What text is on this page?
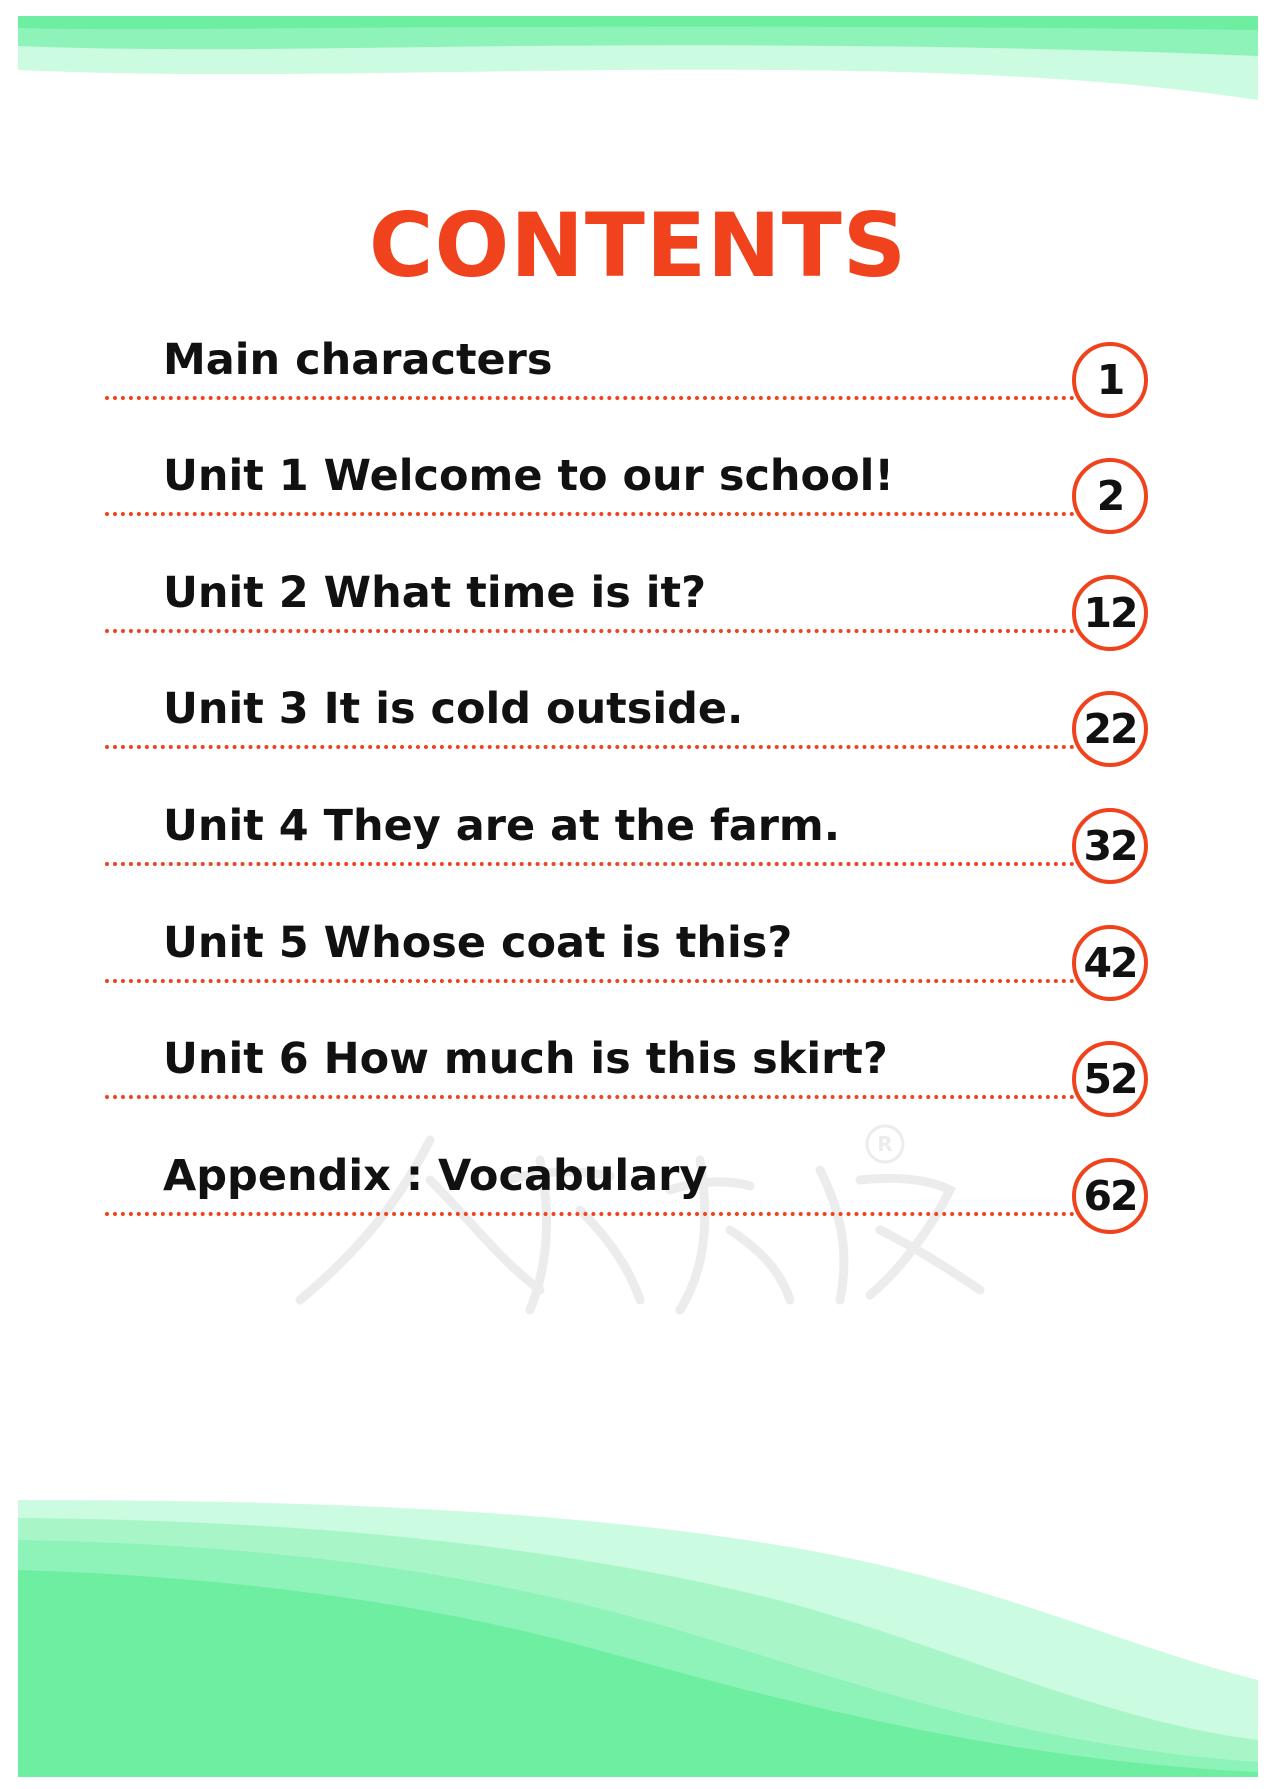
CONTENTS
R
Main characters	1
Unit 1 Welcome to our school!	2
Unit 2 What time is it?	12
Unit 3 It is cold outside.	22
Unit 4 They are at the farm.	32
Unit 5 Whose coat is this?	42
Unit 6 How much is this skirt?	52
Appendix : Vocabulary	62
